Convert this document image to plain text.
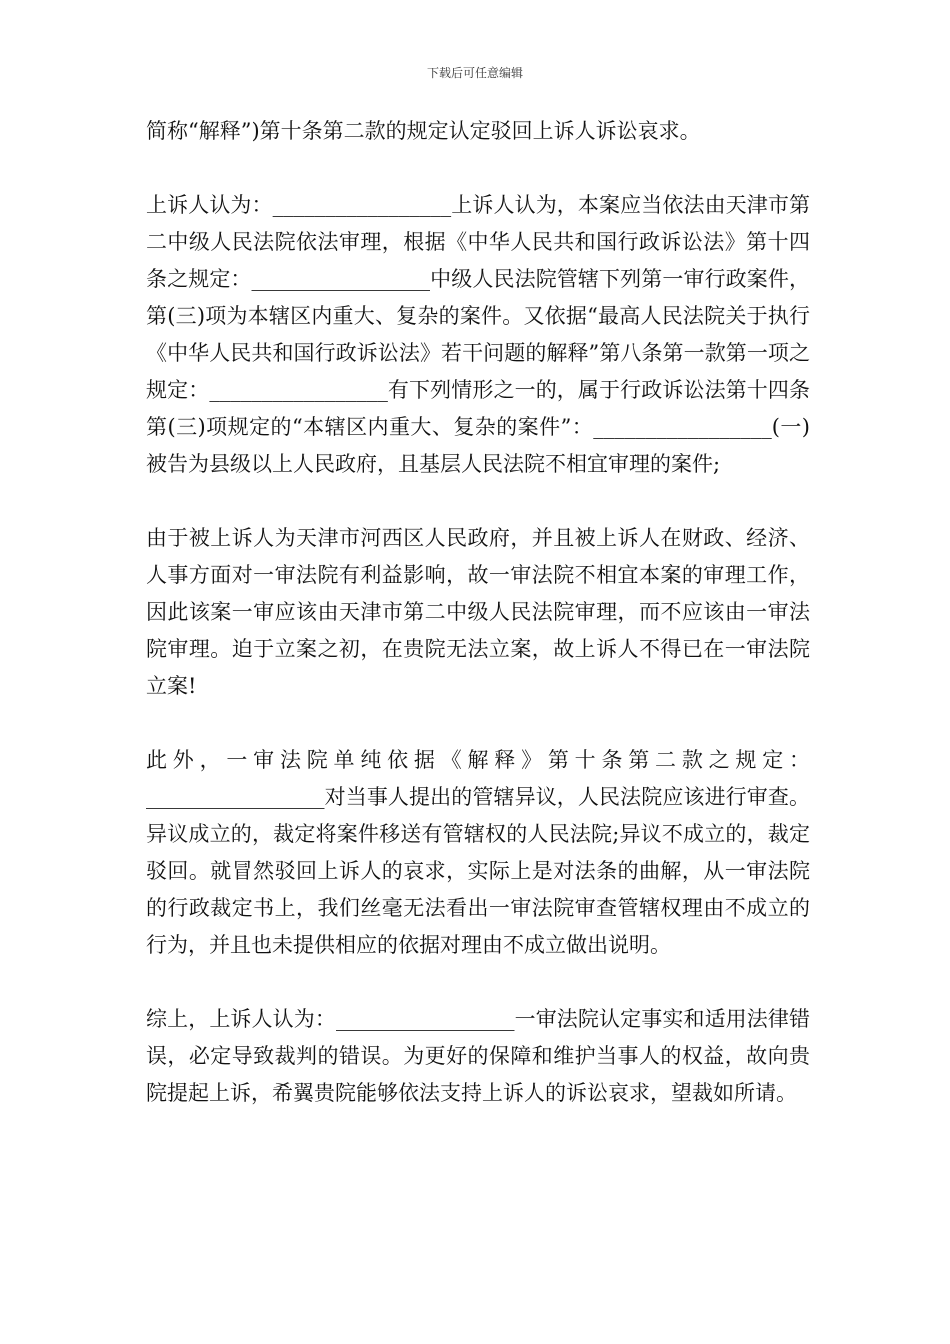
下载后可任意编辑

简称“解释”)第十条第二款的规定认定驳回上诉人诉讼哀求。

上诉人认为：_________________上诉人认为，本案应当依法由天津市第二中级人民法院依法审理，根据《中华人民共和国行政诉讼法》第十四条之规定：_________________中级人民法院管辖下列第一审行政案件，第(三)项为本辖区内重大、复杂的案件。又依据“最高人民法院关于执行《中华人民共和国行政诉讼法》若干问题的解释”第八条第一款第一项之规定：_________________有下列情形之一的，属于行政诉讼法第十四条第(三)项规定的“本辖区内重大、复杂的案件”：_________________(一)被告为县级以上人民政府，且基层人民法院不相宜审理的案件;

由于被上诉人为天津市河西区人民政府，并且被上诉人在财政、经济、人事方面对一审法院有利益影响，故一审法院不相宜本案的审理工作，因此该案一审应该由天津市第二中级人民法院审理，而不应该由一审法院审理。迫于立案之初，在贵院无法立案，故上诉人不得已在一审法院立案!

此外，一审法院单纯依据《解释》第十条第二款之规定：_________________对当事人提出的管辖异议，人民法院应该进行审查。异议成立的，裁定将案件移送有管辖权的人民法院;异议不成立的，裁定驳回。就冒然驳回上诉人的哀求，实际上是对法条的曲解，从一审法院的行政裁定书上，我们丝毫无法看出一审法院审查管辖权理由不成立的行为，并且也未提供相应的依据对理由不成立做出说明。

综上，上诉人认为：_________________一审法院认定事实和适用法律错误，必定导致裁判的错误。为更好的保障和维护当事人的权益，故向贵院提起上诉，希翼贵院能够依法支持上诉人的诉讼哀求，望裁如所请。
